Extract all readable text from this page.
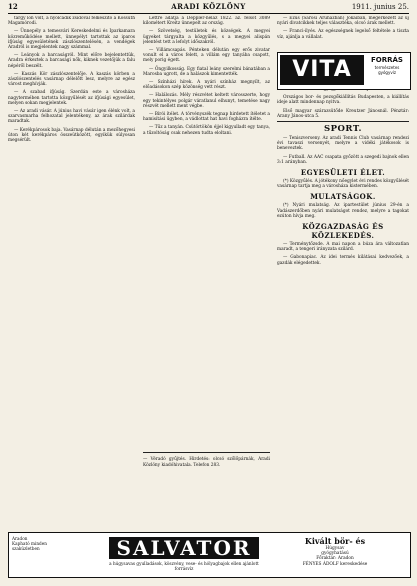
12	ARADI KÖZLÖNY	1911. junius 25.

tárgy lőn volt, a nyolcadik zsidóval felkészítő a Kossuth Magamórodi.

— Ünnepély a temesvári Kereskedelmi és Iparkamara közreműködése mellett, ünnepélyt tartottak az iparos ifjúság egyesületének zászlószentelésén, a vendégek Aradról is megjelentek nagy számmal.

— Leányok a barcaságról. Mint előre bejelentettük, Aradra érkeztek a barcasági nők, kiknek vezetőjük a falu népéről beszélt.

— Kaszás Kör zászlószentelője. A kaszás körben a zászlószentelés vasárnap délelőtt lesz, melyre az egész várost meghívják.

— A szabad ifjúság. Szerdán este a városháza nagytermében tartotta közgyűlését az ifjúsági egyesület, melyen sokan megjelentek.

— Az aradi vásár. A június havi vásár igen élénk volt, a szarvasmarha felhozatal jelentékeny, az árak szilárdak maradtak.

— Kerékpárosok baja. Vasárnap délután a mezőhegyesi úton két kerékpáros összeütközött, egyikük súlyosan megsérült.

Lettre adatja a Deppler-nelaz 1822. az. felsőt 3089 kilométert Kreitz ünnepelt az ország.

— Szövetség, testületek és községek. A megyei ügyeket tárgyalta a közgyűlés, s a megyei alispán jelentést tett a lefolyt időszakról.

— Villámcsapás. Pénteken délután egy erős zivatar vonult el a város felett, a villám egy tanyába csapott, mely porig égett.

— Öngyilkosság. Egy fiatal leány szerelmi bánatában a Marosba ugrott, de a halászok kimentették.

— Színházi hírek. A nyári színház megnyílt, az előadásokon szép közönség vett részt.

— Halálozás. Mély részvétet keltett városszerte, hogy egy tekintélyes polgár váratlanul elhunyt, temetése nagy részvét mellett ment végbe.

— Bírói ítélet. A törvényszék tegnap hirdetett ítéletet a hamisítási ügyben, a vádlottat hat havi fogházra ítélte.

— Tűz a tanyán. Csütörtökön éjjel kigyulladt egy tanya, a tűzoltóság csak nehezen tudta eloltani.

— Véradó gyűjtés. Hirdetés: olcsó szőlőpárnák, Aradi Közlöny kiadóhivatala. Telefon 283.

— Ezüs (Sárosi Áruházban) Jókaiban, megérkezett az új nyári divatcikkek teljes választéka, olcsó árak mellett.

— Franci-ilyés. Az egészségnek legelső feltétele a tiszta víz, ajánlja a vállalat.

Országos bor- és pezsgőkiállítás Budapesten, a kiállítás ideje alatt mindennap nyitva.

Első magyar szárazsütőde Kreutzer Jánosnál. Pénztár: Arany János-utca 5.

SPORT.

— Teniszverseny. Az aradi Tennis Club vasárnap rendezi évi tavaszi versenyét, melyre a vidéki játékosok is beneveztek.

— Futball. Az AAC csapata győzött a szegedi bajnok ellen 3:1 arányban.

EGYESÜLETI ÉLET.

(*) Közgyűlés. A jótékony nőegylet évi rendes közgyűlését vasárnap tartja meg a városháza kistermében.

MULATSÁGOK.

(*) Nyári mulatság. Az ipartestület június 29-én a Vadászerdőben nyári mulatságot rendez, melyre a tagokat ezúton hívja meg.

KÖZGAZDASÁG ÉS KÖZLEKEDÉS.

— Terménytőzsde. A mai napon a búza ára változatlan maradt, a tengeri irányzata szilárd.

— Gabonapiac. Az idei termés kilátásai kedvezőek, a gazdák elégedettek.

VITA	FORRÁS
természetes
gyógyvíz
Aradon
Kapható minden
szaküzletben	SALVATOR
a húgysavas gyulladások, köszvény, vese- és hólyagbajok ellen ajánlott forrásvíz
Kivált bör- és
Húgysav
gyógyhatású
Főraktár: Aradon
FÉNYES ÁDOLF kereskedése
